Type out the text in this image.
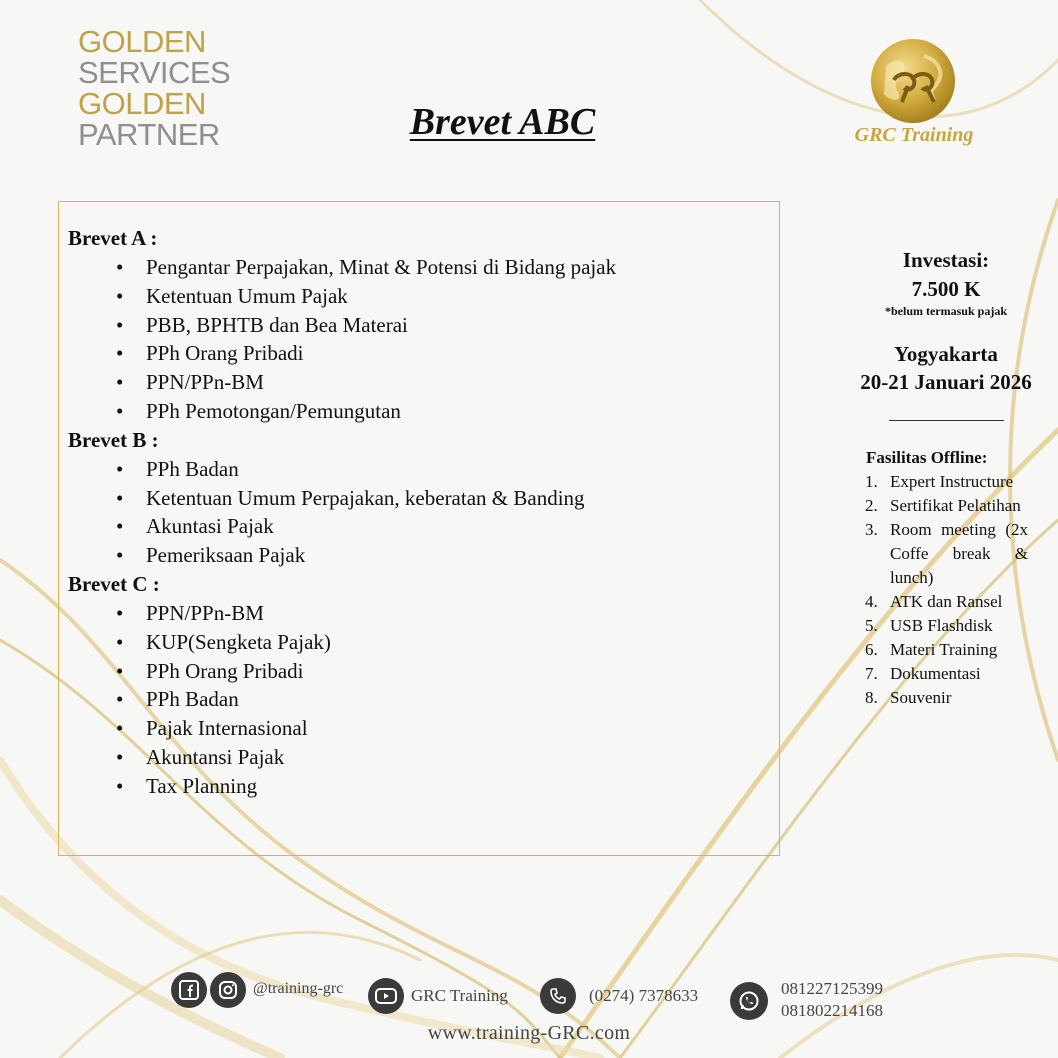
GOLDEN
SERVICES
GOLDEN
PARTNER	Brevet ABC	GRC Training
Brevet A :
• Pengantar Perpajakan, Minat & Potensi di Bidang pajak
• Ketentuan Umum Pajak
• PBB, BPHTB dan Bea Materai
• PPh Orang Pribadi
• PPN/PPn-BM
• PPh Pemotongan/Pemungutan
Brevet B :
• PPh Badan
• Ketentuan Umum Perpajakan, keberatan & Banding
• Akuntasi Pajak
• Pemeriksaan Pajak
Brevet C :
• PPN/PPn-BM
• KUP(Sengketa Pajak)
• PPh Orang Pribadi
• PPh Badan
• Pajak Internasional
• Akuntansi Pajak
• Tax Planning
Investasi:
7.500 K
*belum termasuk pajak
Yogyakarta
20-21 Januari 2026
Fasilitas Offline:
1. Expert Instructure
2. Sertifikat Pelatihan
3. Room meeting (2x Coffe break & lunch)
4. ATK dan Ransel
5. USB Flashdisk
6. Materi Training
7. Dokumentasi
8. Souvenir
@training-grc	GRC Training	(0274) 7378633	081227125399
081802214168
www.training-GRC.com
